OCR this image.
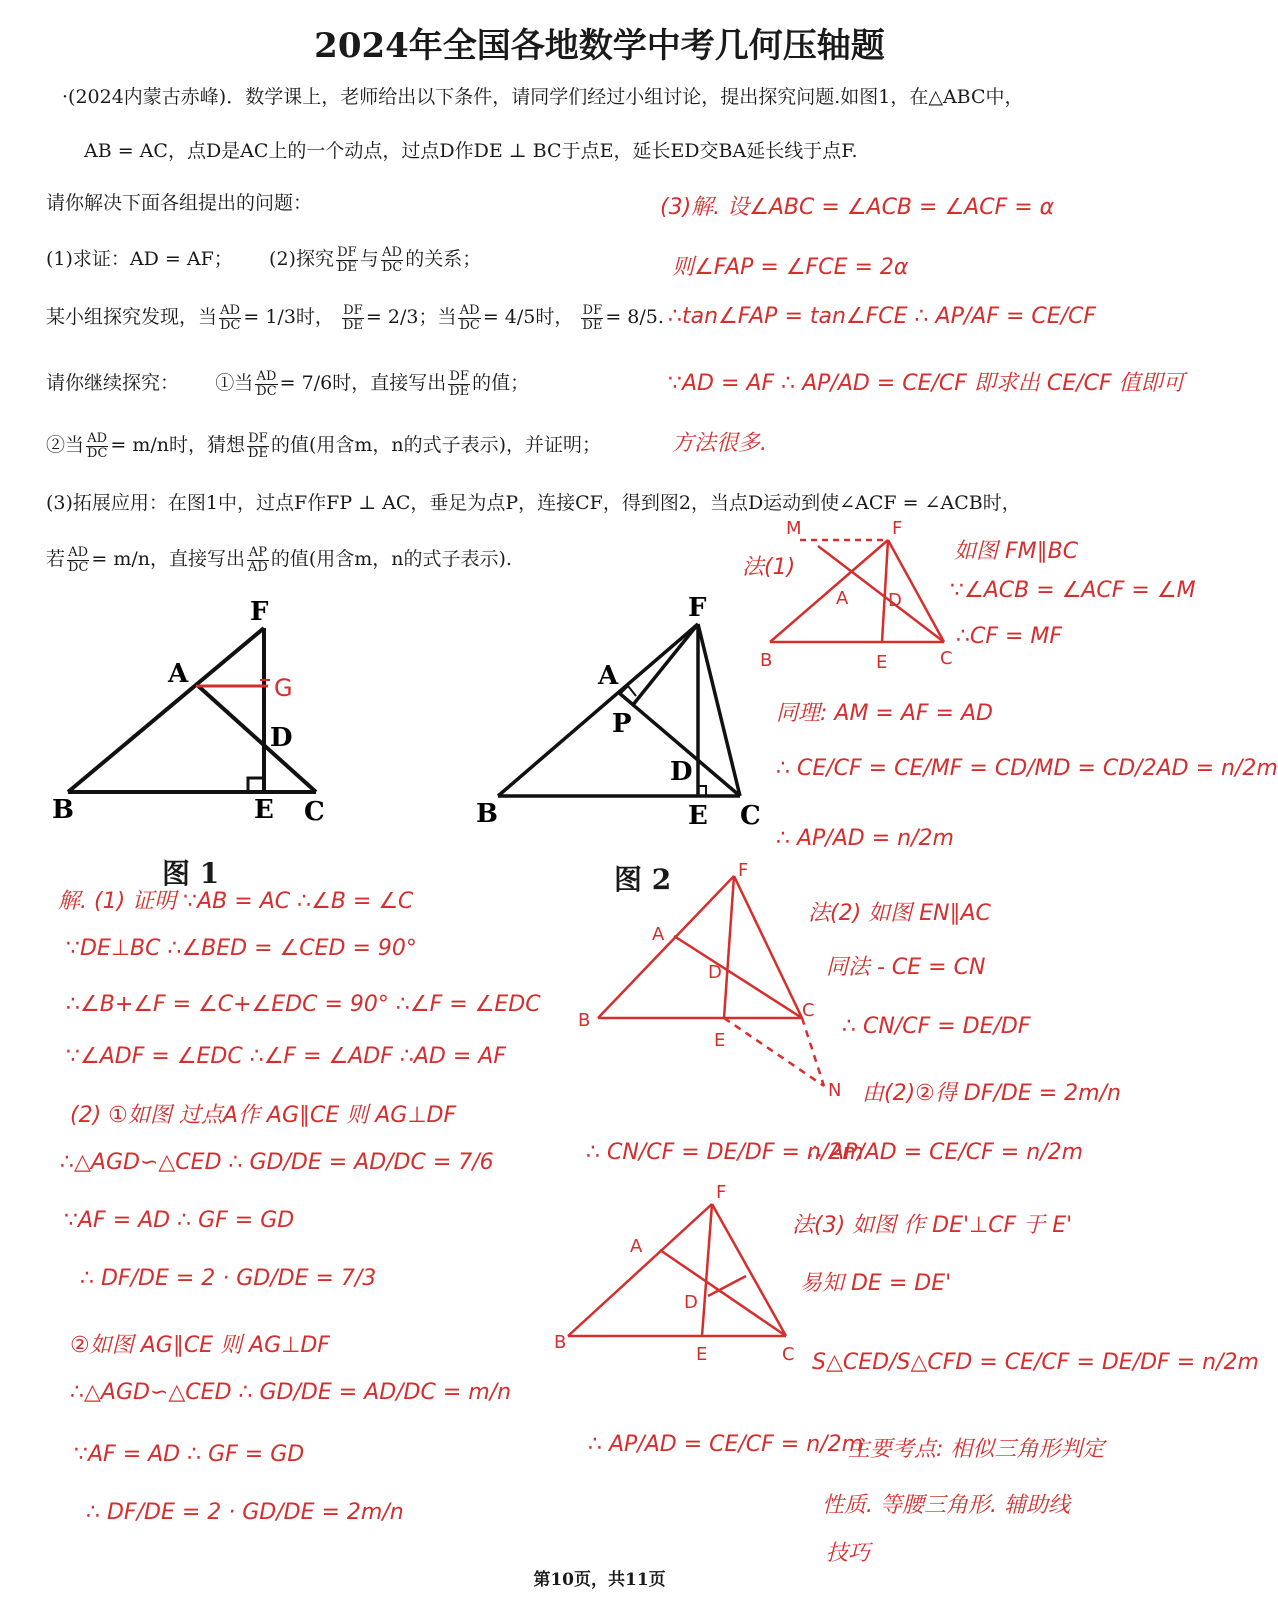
2024年全国各地数学中考几何压轴题
·(2024内蒙古赤峰)．数学课上，老师给出以下条件，请同学们经过小组讨论，提出探究问题.如图1，在△ABC中，
AB = AC，点D是AC上的一个动点，过点D作DE ⊥ BC于点E，延长ED交BA延长线于点F.
请你解决下面各组提出的问题：
(1)求证：AD = AF； (2)探究 $\frac{DF}{DE}$ 与 $\frac{AD}{DC}$ 的关系；
某小组探究发现，当 $\frac{AD}{DC} = 1/3$时， $\frac{DF}{DE} = 2/3$；当 $\frac{AD}{DC} = 4/5$时， $\frac{DF}{DE} = 8/5$.
请你继续探究： ①当 $\frac{AD}{DC} = 7/6$时，直接写出 $\frac{DF}{DE}$ 的值；
②当 $\frac{AD}{DC} = m/n$时，猜想 $\frac{DF}{DE}$ 的值(用含m，n的式子表示)，并证明；
(3)拓展应用：在图1中，过点F作FP ⊥ AC，垂足为点P，连接CF，得到图2，当点D运动到使∠ACF = ∠ACB时，
若 $\frac{AD}{DC} = m/n$，直接写出 $\frac{AP}{AD}$ 的值(用含m，n的式子表示).
B	E C
F
A
D
G
图 1
B	E C
F
A
P
D
图 2
(3)解. 设∠ABC = ∠ACB = ∠ACF = α
则∠FAP = ∠FCE = 2α
∴tan∠FAP = tan∠FCE ∴ AP/AF = CE/CF
∵AD = AF ∴ AP/AD = CE/CF 即求出 CE/CF 值即可
方法很多.
M	F
A D
B	E	C
法(1)
如图 FM∥BC
∵∠ACB = ∠ACF = ∠M
∴CF = MF
同理: AM = AF = AD
∴ CE/CF = CE/MF = CD/MD = CD/2AD = n/2m
∴ AP/AD = n/2m
解. (1) 证明 ∵AB = AC ∴∠B = ∠C
∵DE⊥BC ∴∠BED = ∠CED = 90°
∴∠B+∠F = ∠C+∠EDC = 90° ∴∠F = ∠EDC
∵∠ADF = ∠EDC ∴∠F = ∠ADF ∴AD = AF
(2) ①如图 过点A作 AG∥CE 则 AG⊥DF
∴△AGD∽△CED ∴ GD/DE = AD/DC = 7/6
∵AF = AD ∴ GF = GD
∴ DF/DE = 2 · GD/DE = 7/3
②如图 AG∥CE 则 AG⊥DF
∴△AGD∽△CED ∴ GD/DE = AD/DC = m/n
∵AF = AD ∴ GF = GD
∴ DF/DE = 2 · GD/DE = 2m/n
F
A
D
B
E
C
N
法(2) 如图 EN∥AC
同法 - CE = CN
∴ CN/CF = DE/DF
由(2)②得 DF/DE = 2m/n
∴ CN/CF = DE/DF = n/2m
∴ AP/AD = CE/CF = n/2m
F
A
D
B
E	C
法(3) 如图 作 DE'⊥CF 于 E'
易知 DE = DE'
S△CED/S△CFD = CE/CF = DE/DF = n/2m
∴ AP/AD = CE/CF = n/2m
主要考点: 相似三角形判定
性质. 等腰三角形. 辅助线
技巧
第10页，共11页
